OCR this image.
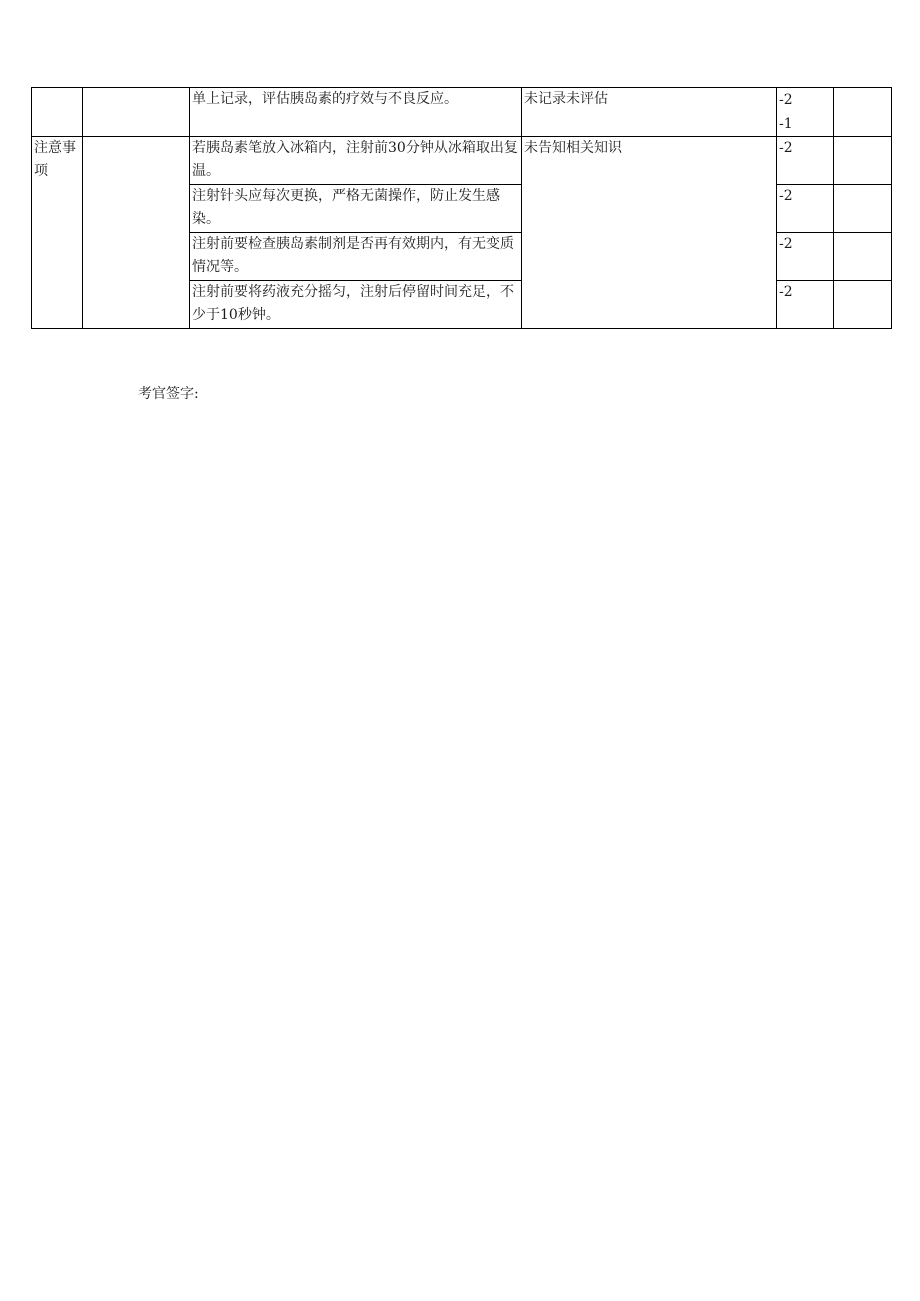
		单上记录，评估胰岛素的疗效与不良反应。	未记录未评估	-2
-1	

注意事项		若胰岛素笔放入冰箱内，注射前30分钟从冰箱取出复温。	未告知相关知识	-2	
		注射针头应每次更换，严格无菌操作，防止发生感染。		-2	
		注射前要检查胰岛素制剂是否再有效期内，有无变质情况等。		-2	
		注射前要将药液充分摇匀，注射后停留时间充足，不少于10秒钟。		-2	
考官签字:
